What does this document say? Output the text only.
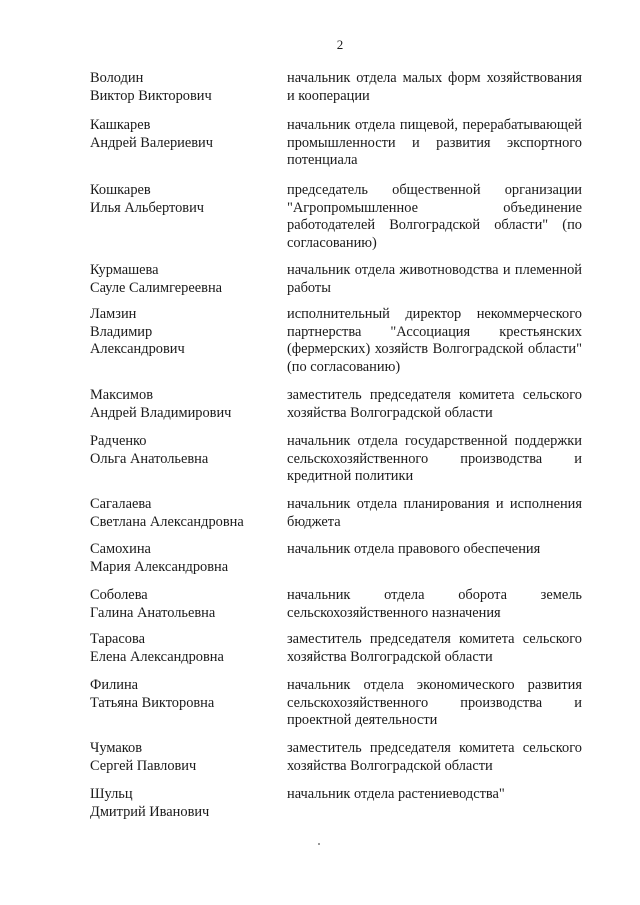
2
Володин
Виктор Викторович
начальник отдела малых форм хозяйствования и кооперации
Кашкарев
Андрей Валериевич
начальник отдела пищевой, перерабатывающей промышленности и развития экспортного потенциала
Кошкарев
Илья Альбертович
председатель общественной организации "Агропромышленное объединение работодателей Волгоградской области" (по согласованию)
Курмашева
Сауле Салимгереевна
начальник отдела животноводства и племенной работы
Ламзин
Владимир
Александрович
исполнительный директор некоммерческого партнерства "Ассоциация крестьянских (фермерских) хозяйств Волгоградской области" (по согласованию)
Максимов
Андрей Владимирович
заместитель председателя комитета сельского хозяйства Волгоградской области
Радченко
Ольга Анатольевна
начальник отдела государственной поддержки сельскохозяйственного производства и кредитной политики
Сагалаева
Светлана Александровна
начальник отдела планирования и исполнения бюджета
Самохина
Мария Александровна
начальник отдела правового обеспечения
Соболева
Галина Анатольевна
начальник отдела оборота земель сельскохозяйственного назначения
Тарасова
Елена Александровна
заместитель председателя комитета сельского хозяйства Волгоградской области
Филина
Татьяна Викторовна
начальник отдела экономического развития сельскохозяйственного производства и проектной деятельности
Чумаков
Сергей Павлович
заместитель председателя комитета сельского хозяйства Волгоградской области
Шульц
Дмитрий Иванович
начальник отдела растениеводства"
